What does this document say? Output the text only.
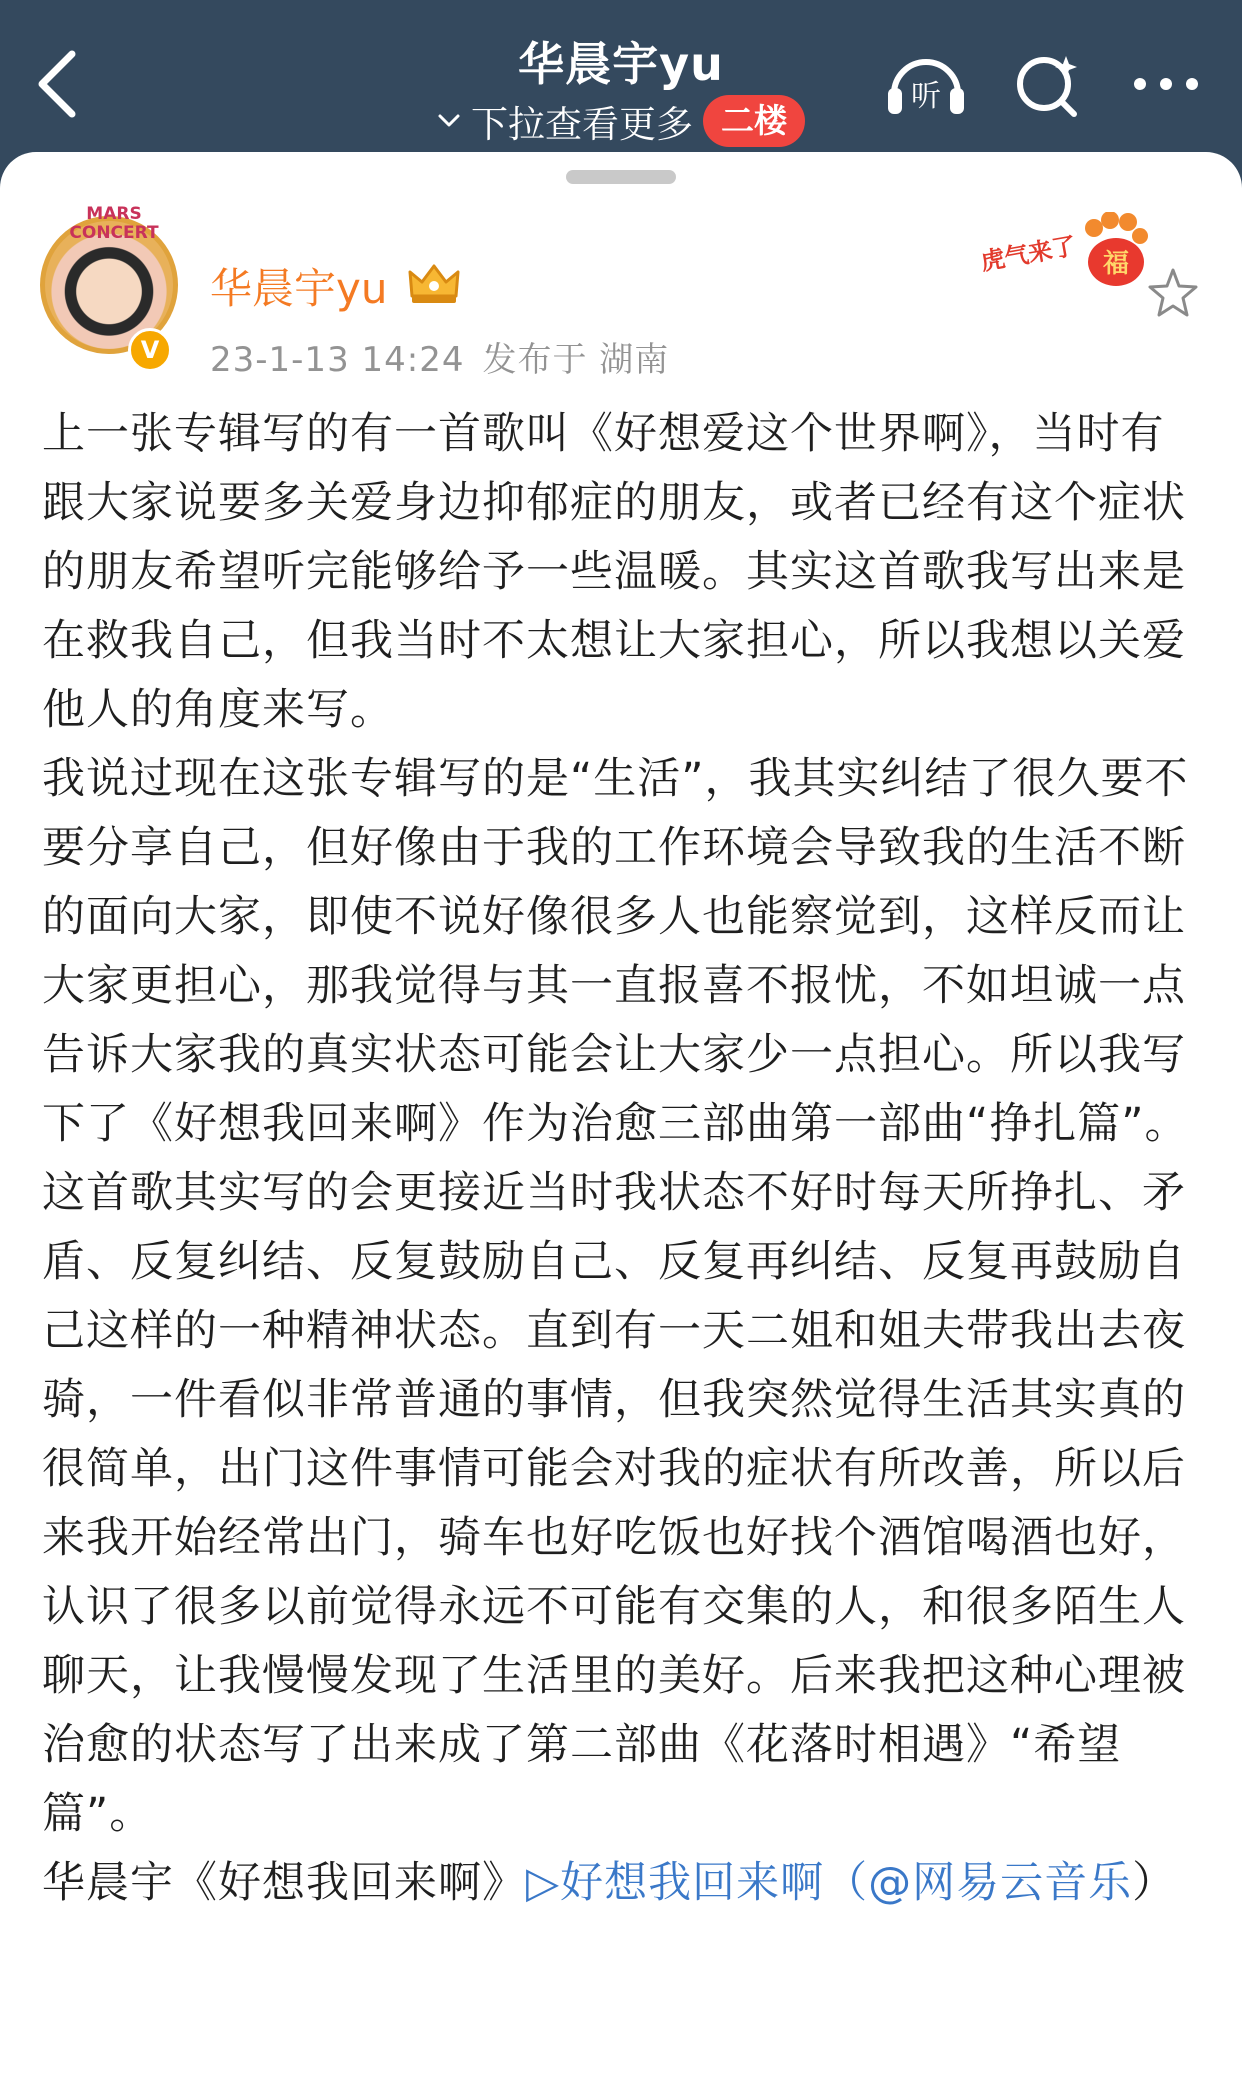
华晨宇yu
下拉查看更多 二楼
听
MARS
CONCERT
V
华晨宇yu
23-1-13 14:24 发布于 湖南
虎气来了 福

上一张专辑写的有一首歌叫《好想爱这个世界啊》，当时有跟大家说要多关爱身边抑郁症的朋友，或者已经有这个症状的朋友希望听完能够给予一些温暖。其实这首歌我写出来是在救我自己，但我当时不太想让大家担心，所以我想以关爱他人的角度来写。

我说过现在这张专辑写的是“生活”，我其实纠结了很久要不要分享自己，但好像由于我的工作环境会导致我的生活不断的面向大家，即使不说好像很多人也能察觉到，这样反而让大家更担心，那我觉得与其一直报喜不报忧，不如坦诚一点告诉大家我的真实状态可能会让大家少一点担心。所以我写下了《好想我回来啊》作为治愈三部曲第一部曲“挣扎篇”。这首歌其实写的会更接近当时我状态不好时每天所挣扎、矛盾、反复纠结、反复鼓励自己、反复再纠结、反复再鼓励自己这样的一种精神状态。直到有一天二姐和姐夫带我出去夜骑，一件看似非常普通的事情，但我突然觉得生活其实真的很简单，出门这件事情可能会对我的症状有所改善，所以后来我开始经常出门，骑车也好吃饭也好找个酒馆喝酒也好，认识了很多以前觉得永远不可能有交集的人，和很多陌生人聊天，让我慢慢发现了生活里的美好。后来我把这种心理被治愈的状态写了出来成了第二部曲《花落时相遇》“希望篇”。

华晨宇《好想我回来啊》▷好想我回来啊（@网易云音乐）
